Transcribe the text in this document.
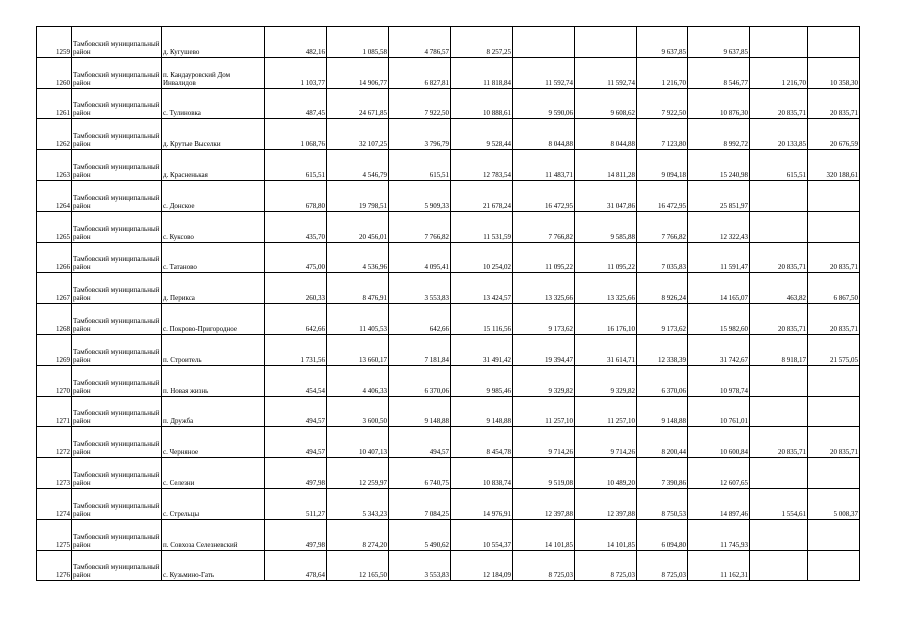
1259	Тамбовский муниципальный район	д. Кугушево	482,16	1 085,58	4 786,57	8 257,25			9 637,85	9 637,85		
1260	Тамбовский муниципальный район	п. Кандауровский Дом Инвалидов	1 103,77	14 906,77	6 827,81	11 818,84	11 592,74	11 592,74	1 216,70	8 546,77	1 216,70	10 358,30
1261	Тамбовский муниципальный район	с. Тулиновка	487,45	24 671,85	7 922,50	10 888,61	9 590,06	9 608,62	7 922,50	10 876,30	20 835,71	20 835,71
1262	Тамбовский муниципальный район	д. Крутые Выселки	1 068,76	32 107,25	3 796,79	9 528,44	8 044,88	8 044,88	7 123,80	8 992,72	20 133,85	20 676,59
1263	Тамбовский муниципальный район	д. Красненькая	615,51	4 546,79	615,51	12 783,54	11 483,71	14 811,28	9 094,18	15 240,98	615,51	320 188,61
1264	Тамбовский муниципальный район	с. Донское	678,80	19 798,51	5 909,33	21 678,24	16 472,95	31 047,86	16 472,95	25 851,97		
1265	Тамбовский муниципальный район	с. Куксово	435,70	20 456,01	7 766,82	11 531,59	7 766,82	9 585,88	7 766,82	12 322,43		
1266	Тамбовский муниципальный район	с. Татаново	475,00	4 536,96	4 095,41	10 254,02	11 095,22	11 095,22	7 035,83	11 591,47	20 835,71	20 835,71
1267	Тамбовский муниципальный район	д. Периксa	260,33	8 476,91	3 553,83	13 424,57	13 325,66	13 325,66	8 926,24	14 165,07	463,82	6 867,50
1268	Тамбовский муниципальный район	с. Покрово-Пригородное	642,66	11 405,53	642,66	15 116,56	9 173,62	16 176,10	9 173,62	15 982,60	20 835,71	20 835,71
1269	Тамбовский муниципальный район	п. Строитель	1 731,56	13 660,17	7 181,84	31 491,42	19 394,47	31 614,71	12 338,39	31 742,67	8 918,17	21 575,05
1270	Тамбовский муниципальный район	п. Новая жизнь	454,54	4 406,33	6 370,06	9 985,46	9 329,82	9 329,82	6 370,06	10 978,74		
1271	Тамбовский муниципальный район	п. Дружба	494,57	3 600,50	9 148,88	9 148,88	11 257,10	11 257,10	9 148,88	10 761,01		
1272	Тамбовский муниципальный район	с. Черняное	494,57	10 407,13	494,57	8 454,78	9 714,26	9 714,26	8 200,44	10 600,84	20 835,71	20 835,71
1273	Тамбовский муниципальный район	с. Селезни	497,98	12 259,97	6 740,75	10 838,74	9 519,08	10 489,20	7 390,86	12 607,65		
1274	Тамбовский муниципальный район	с. Стрельцы	511,27	5 343,23	7 084,25	14 976,91	12 397,88	12 397,88	8 750,53	14 897,46	1 554,61	5 008,37
1275	Тамбовский муниципальный район	п. Совхоза Селезневский	497,98	8 274,20	5 490,62	10 554,37	14 101,85	14 101,85	6 094,80	11 745,93		
1276	Тамбовский муниципальный район	с. Кузьмино-Гать	478,64	12 165,50	3 553,83	12 184,09	8 725,03	8 725,03	8 725,03	11 162,31		
